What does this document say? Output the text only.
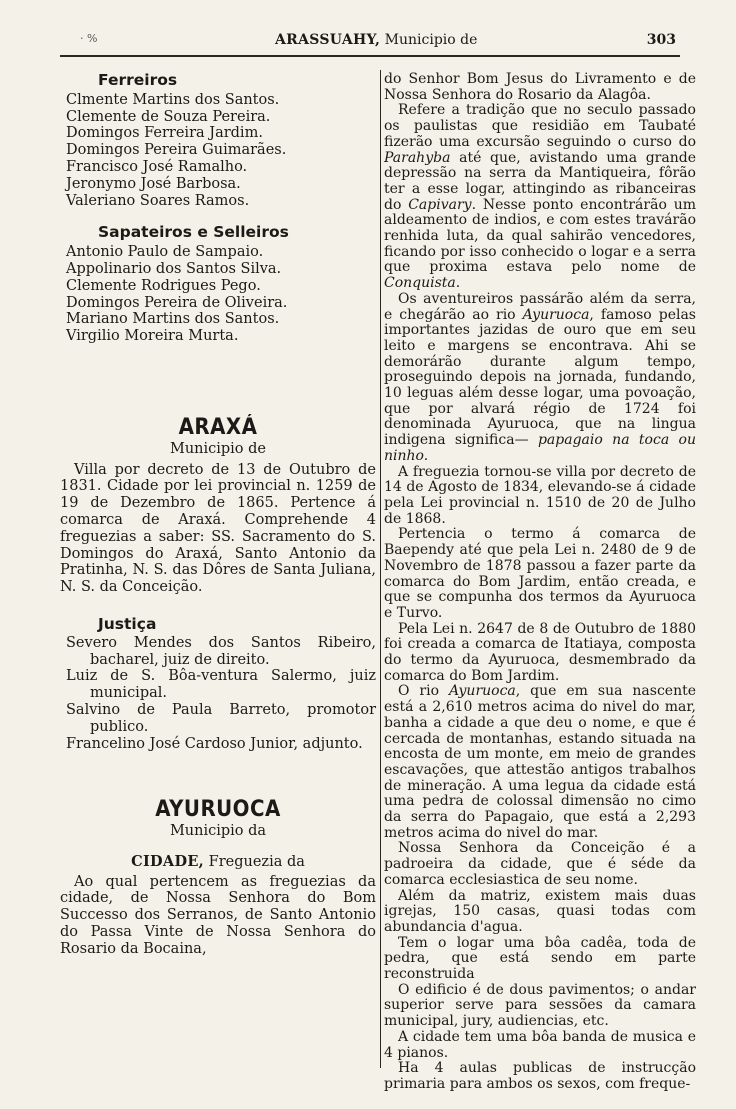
· %	ARASSUAHY, Municipio de	303
Ferreiros
Clmente Martins dos Santos.
Clemente de Souza Pereira.
Domingos Ferreira Jardim.
Domingos Pereira Guimarães.
Francisco José Ramalho.
Jeronymo José Barbosa.
Valeriano Soares Ramos.
Sapateiros e Selleiros
Antonio Paulo de Sampaio.
Appolinario dos Santos Silva.
Clemente Rodrigues Pego.
Domingos Pereira de Oliveira.
Mariano Martins dos Santos.
Virgilio Moreira Murta.
ARAXÁ
Municipio de
Villa por decreto de 13 de Outubro de 1831. Cidade por lei provincial n. 1259 de 19 de Dezembro de 1865. Pertence á comarca de Araxá. Comprehende 4 freguezias a saber: SS. Sacramento do S. Domingos do Araxá, Santo Antonio da Pratinha, N. S. das Dôres de Santa Juliana, N. S. da Conceição.
Justiça
Severo Mendes dos Santos Ribeiro, bacharel, juiz de direito.
Luiz de S. Bôa-ventura Salermo, juiz municipal.
Salvino de Paula Barreto, promotor publico.
Francelino José Cardoso Junior, adjunto.
AYURUOCA
Municipio da
CIDADE, Freguezia da
Ao qual pertencem as freguezias da cidade, de Nossa Senhora do Bom Successo dos Serranos, de Santo Antonio do Passa Vinte de Nossa Senhora do Rosario da Bocaina,
do Senhor Bom Jesus do Livramento e de Nossa Senhora do Rosario da Alagôa.
Refere a tradição que no seculo passado os paulistas que residião em Taubaté fizerão uma excursão seguindo o curso do Parahyba até que, avistando uma grande depressão na serra da Mantiqueira, fôrão ter a esse logar, attingindo as ribanceiras do Capivary. Nesse ponto encontrárão um aldeamento de indios, e com estes travárão renhida luta, da qual sahirão vencedores, ficando por isso conhecido o logar e a serra que proxima estava pelo nome de Conquista.
Os aventureiros passárão além da serra, e chegárão ao rio Ayuruoca, famoso pelas importantes jazidas de ouro que em seu leito e margens se encontrava. Ahi se demorárão durante algum tempo, proseguindo depois na jornada, fundando, 10 leguas além desse logar, uma povoação, que por alvará régio de 1724 foi denominada Ayuruoca, que na lingua indigena significa— papagaio na toca ou ninho.
A freguezia tornou-se villa por decreto de 14 de Agosto de 1834, elevando-se á cidade pela Lei provincial n. 1510 de 20 de Julho de 1868.
Pertencia o termo á comarca de Baependy até que pela Lei n. 2480 de 9 de Novembro de 1878 passou a fazer parte da comarca do Bom Jardim, então creada, e que se compunha dos termos da Ayuruoca e Turvo.
Pela Lei n. 2647 de 8 de Outubro de 1880 foi creada a comarca de Itatiaya, composta do termo da Ayuruoca, desmembrado da comarca do Bom Jardim.
O rio Ayuruoca, que em sua nascente está a 2,610 metros acima do nivel do mar, banha a cidade a que deu o nome, e que é cercada de montanhas, estando situada na encosta de um monte, em meio de grandes escavações, que attestão antigos trabalhos de mineração. A uma legua da cidade está uma pedra de colossal dimensão no cimo da serra do Papagaio, que está a 2,293 metros acima do nivel do mar.
Nossa Senhora da Conceição é a padroeira da cidade, que é séde da comarca ecclesiastica de seu nome.
Além da matriz, existem mais duas igrejas, 150 casas, quasi todas com abundancia d'agua.
Tem o logar uma bôa cadêa, toda de pedra, que está sendo em parte reconstruida
O edificio é de dous pavimentos; o andar superior serve para sessões da camara municipal, jury, audiencias, etc.
A cidade tem uma bôa banda de musica e 4 pianos.
Ha 4 aulas publicas de instrucção primaria para ambos os sexos, com freque-
